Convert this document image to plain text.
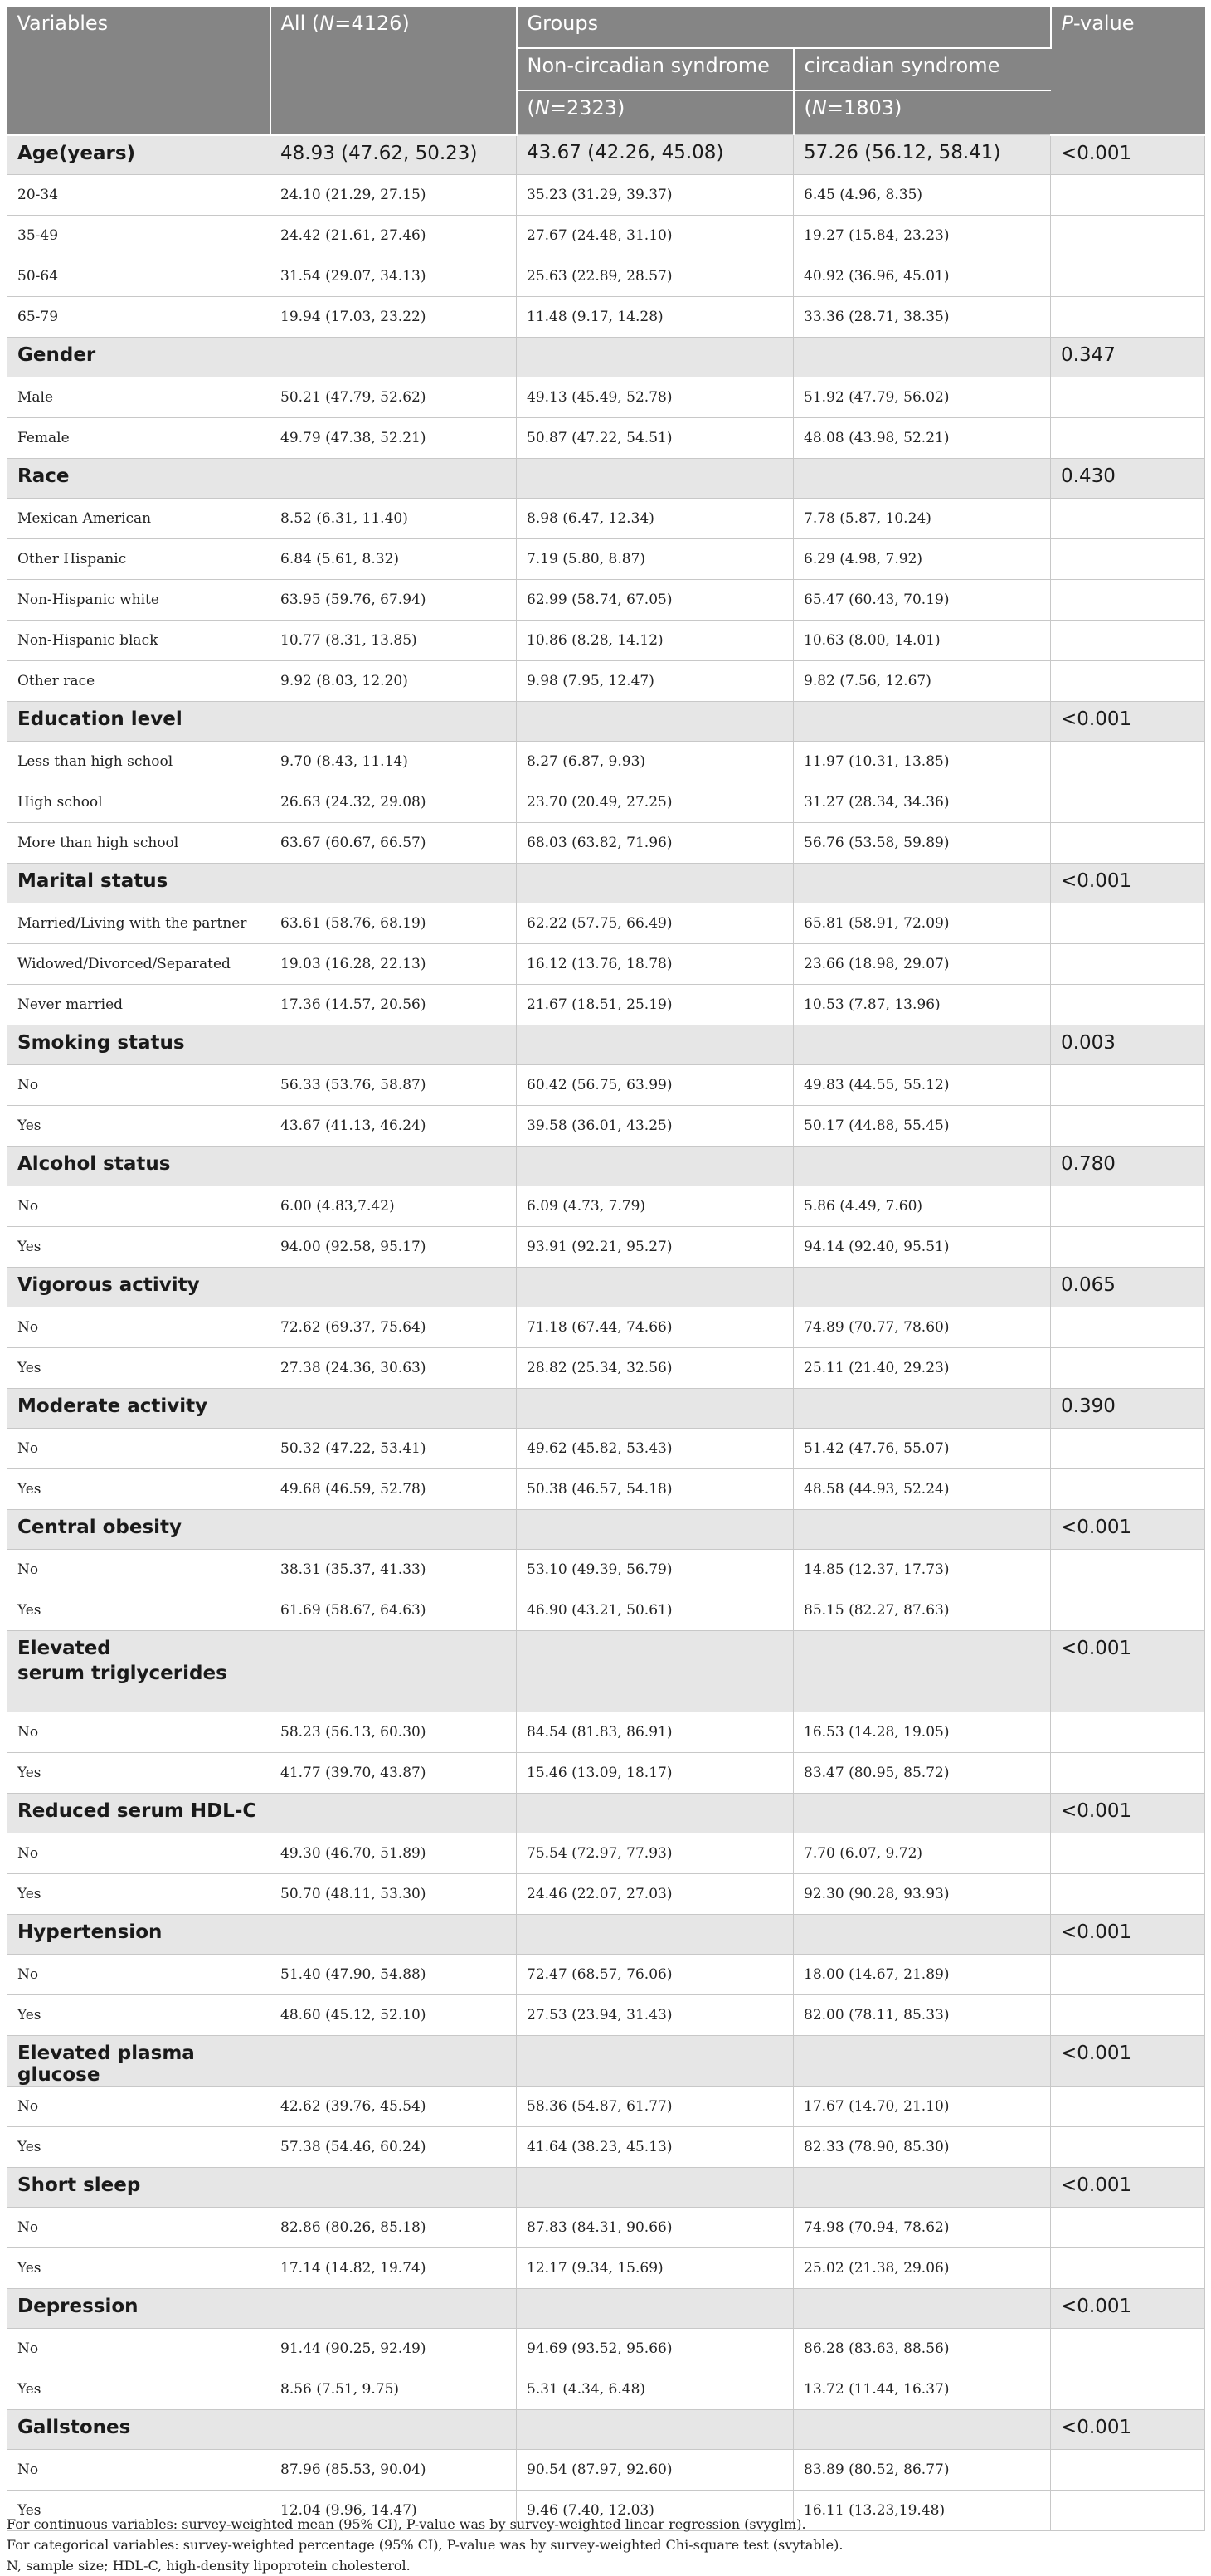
Variables	All (N=4126)	Groups		P-value
		Non-circadian syndrome	circadian syndrome	
		(N=2323)	(N=1803)	
Age(years)	48.93 (47.62, 50.23)	43.67 (42.26, 45.08)	57.26 (56.12, 58.41)	<0.001
20-34	24.10 (21.29, 27.15)	35.23 (31.29, 39.37)	6.45 (4.96, 8.35)	
35-49	24.42 (21.61, 27.46)	27.67 (24.48, 31.10)	19.27 (15.84, 23.23)	
50-64	31.54 (29.07, 34.13)	25.63 (22.89, 28.57)	40.92 (36.96, 45.01)	
65-79	19.94 (17.03, 23.22)	11.48 (9.17, 14.28)	33.36 (28.71, 38.35)	
Gender				0.347
Male	50.21 (47.79, 52.62)	49.13 (45.49, 52.78)	51.92 (47.79, 56.02)	
Female	49.79 (47.38, 52.21)	50.87 (47.22, 54.51)	48.08 (43.98, 52.21)	
Race				0.430
Mexican American	8.52 (6.31, 11.40)	8.98 (6.47, 12.34)	7.78 (5.87, 10.24)	
Other Hispanic	6.84 (5.61, 8.32)	7.19 (5.80, 8.87)	6.29 (4.98, 7.92)	
Non-Hispanic white	63.95 (59.76, 67.94)	62.99 (58.74, 67.05)	65.47 (60.43, 70.19)	
Non-Hispanic black	10.77 (8.31, 13.85)	10.86 (8.28, 14.12)	10.63 (8.00, 14.01)	
Other race	9.92 (8.03, 12.20)	9.98 (7.95, 12.47)	9.82 (7.56, 12.67)	
Education level				<0.001
Less than high school	9.70 (8.43, 11.14)	8.27 (6.87, 9.93)	11.97 (10.31, 13.85)	
High school	26.63 (24.32, 29.08)	23.70 (20.49, 27.25)	31.27 (28.34, 34.36)	
More than high school	63.67 (60.67, 66.57)	68.03 (63.82, 71.96)	56.76 (53.58, 59.89)	
Marital status				<0.001
Married/Living with the partner	63.61 (58.76, 68.19)	62.22 (57.75, 66.49)	65.81 (58.91, 72.09)	
Widowed/Divorced/Separated	19.03 (16.28, 22.13)	16.12 (13.76, 18.78)	23.66 (18.98, 29.07)	
Never married	17.36 (14.57, 20.56)	21.67 (18.51, 25.19)	10.53 (7.87, 13.96)	
Smoking status				0.003
No	56.33 (53.76, 58.87)	60.42 (56.75, 63.99)	49.83 (44.55, 55.12)	
Yes	43.67 (41.13, 46.24)	39.58 (36.01, 43.25)	50.17 (44.88, 55.45)	
Alcohol status				0.780
No	6.00 (4.83,7.42)	6.09 (4.73, 7.79)	5.86 (4.49, 7.60)	
Yes	94.00 (92.58, 95.17)	93.91 (92.21, 95.27)	94.14 (92.40, 95.51)	
Vigorous activity				0.065
No	72.62 (69.37, 75.64)	71.18 (67.44, 74.66)	74.89 (70.77, 78.60)	
Yes	27.38 (24.36, 30.63)	28.82 (25.34, 32.56)	25.11 (21.40, 29.23)	
Moderate activity				0.390
No	50.32 (47.22, 53.41)	49.62 (45.82, 53.43)	51.42 (47.76, 55.07)	
Yes	49.68 (46.59, 52.78)	50.38 (46.57, 54.18)	48.58 (44.93, 52.24)	
Central obesity				<0.001
No	38.31 (35.37, 41.33)	53.10 (49.39, 56.79)	14.85 (12.37, 17.73)	
Yes	61.69 (58.67, 64.63)	46.90 (43.21, 50.61)	85.15 (82.27, 87.63)	
Elevated
serum triglycerides				<0.001
No	58.23 (56.13, 60.30)	84.54 (81.83, 86.91)	16.53 (14.28, 19.05)	
Yes	41.77 (39.70, 43.87)	15.46 (13.09, 18.17)	83.47 (80.95, 85.72)	
Reduced serum HDL-C				<0.001
No	49.30 (46.70, 51.89)	75.54 (72.97, 77.93)	7.70 (6.07, 9.72)	
Yes	50.70 (48.11, 53.30)	24.46 (22.07, 27.03)	92.30 (90.28, 93.93)	
Hypertension				<0.001
No	51.40 (47.90, 54.88)	72.47 (68.57, 76.06)	18.00 (14.67, 21.89)	
Yes	48.60 (45.12, 52.10)	27.53 (23.94, 31.43)	82.00 (78.11, 85.33)	
Elevated plasma glucose				<0.001
No	42.62 (39.76, 45.54)	58.36 (54.87, 61.77)	17.67 (14.70, 21.10)	
Yes	57.38 (54.46, 60.24)	41.64 (38.23, 45.13)	82.33 (78.90, 85.30)	
Short sleep				<0.001
No	82.86 (80.26, 85.18)	87.83 (84.31, 90.66)	74.98 (70.94, 78.62)	
Yes	17.14 (14.82, 19.74)	12.17 (9.34, 15.69)	25.02 (21.38, 29.06)	
Depression				<0.001
No	91.44 (90.25, 92.49)	94.69 (93.52, 95.66)	86.28 (83.63, 88.56)	
Yes	8.56 (7.51, 9.75)	5.31 (4.34, 6.48)	13.72 (11.44, 16.37)	
Gallstones				<0.001
No	87.96 (85.53, 90.04)	90.54 (87.97, 92.60)	83.89 (80.52, 86.77)	
Yes	12.04 (9.96, 14.47)	9.46 (7.40, 12.03)	16.11 (13.23,19.48)	
For continuous variables: survey-weighted mean (95% CI), P-value was by survey-weighted linear regression (svyglm).
For categorical variables: survey-weighted percentage (95% CI), P-value was by survey-weighted Chi-square test (svytable).
N, sample size; HDL-C, high-density lipoprotein cholesterol.
